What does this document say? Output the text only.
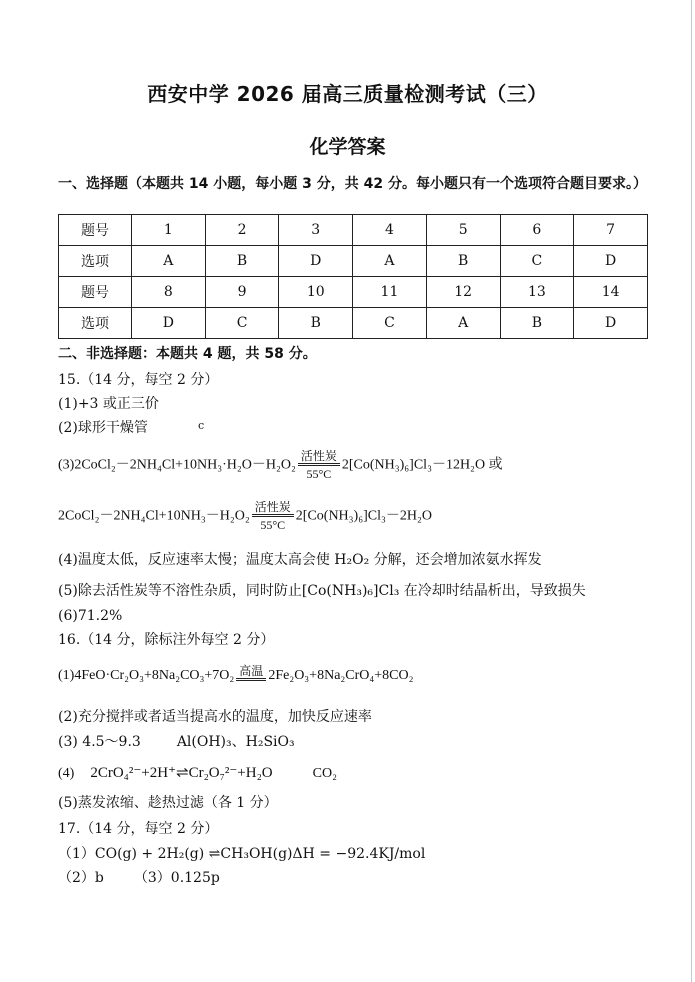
西安中学 2026 届高三质量检测考试（三）
化学答案
一、选择题（本题共 14 小题，每小题 3 分，共 42 分。每小题只有一个选项符合题目要求。）
题号	1	2	3	4	5	6	7
选项	A	B	D	A	B	C	D
题号	8	9	10	11	12	13	14
选项	D	C	B	C	A	B	D
二、非选择题：本题共 4 题，共 58 分。
15.（14 分，每空 2 分）
(1)+3 或正三价
(2)球形干燥管	c
(3)2CoCl₂－2NH₄Cl+10NH₃·H₂O－H₂O₂
活性炭
55°C
2[Co(NH₃)₆]Cl₃－12H₂O 或
2CoCl₂－2NH₄Cl+10NH₃－H₂O₂
活性炭
55°C
2[Co(NH₃)₆]Cl₃－2H₂O
(4)温度太低，反应速率太慢；温度太高会使 H₂O₂ 分解，还会增加浓氨水挥发
(5)除去活性炭等不溶性杂质，同时防止[Co(NH₃)₆]Cl₃ 在冷却时结晶析出，导致损失
(6)71.2%
16.（14 分，除标注外每空 2 分）
(1)4FeO·Cr₂O₃+8Na₂CO₃+7O₂ 高温 2Fe₂O₃+8Na₂CrO₄+8CO₂
(2)充分搅拌或者适当提高水的温度，加快反应速率
(3) 4.5～9.3	Al(OH)₃、H₂SiO₃
(4) 2CrO₄²⁻+2H⁺⇌Cr₂O₇²⁻+H₂O	CO₂
(5)蒸发浓缩、趁热过滤（各 1 分）
17.（14 分，每空 2 分）
（1）CO(g) + 2H₂(g) ⇌CH₃OH(g)ΔH = −92.4KJ/mol
（2）b （3）0.125p
